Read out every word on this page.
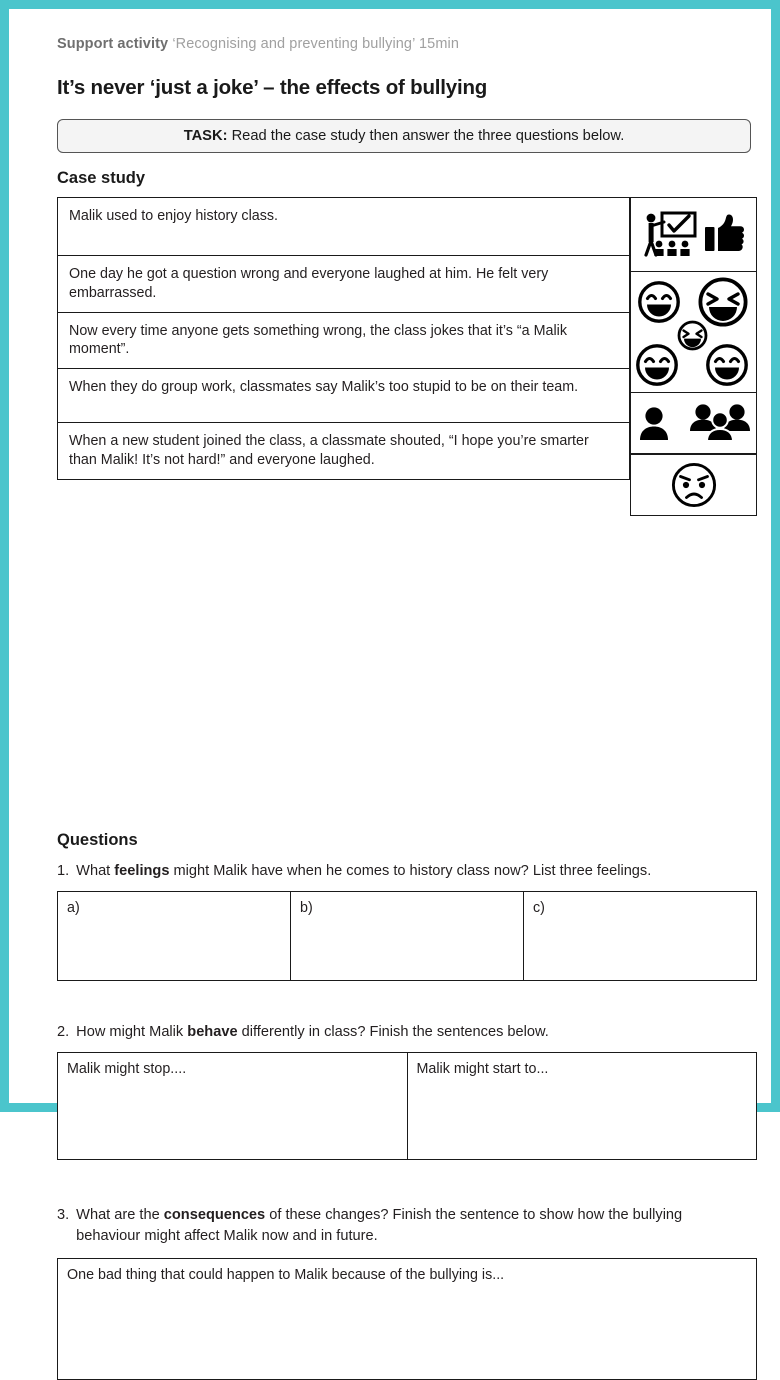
Support activity ‘Recognising and preventing bullying’ 15min
It’s never ‘just a joke’ – the effects of bullying
TASK: Read the case study then answer the three questions below.
Case study
Malik used to enjoy history class.
One day he got a question wrong and everyone laughed at him. He felt very embarrassed.
Now every time anyone gets something wrong, the class jokes that it’s “a Malik moment”.
When they do group work, classmates say Malik’s too stupid to be on their team.
When a new student joined the class, a classmate shouted, “I hope you’re smarter than Malik! It’s not hard!” and everyone laughed.
Questions
1. What feelings might Malik have when he comes to history class now? List three feelings.
a)	b)	c)
2. How might Malik behave differently in class? Finish the sentences below.
Malik might stop....	Malik might start to...
3. What are the consequences of these changes? Finish the sentence to show how the bullying behaviour might affect Malik now and in future.
One bad thing that could happen to Malik because of the bullying is...
